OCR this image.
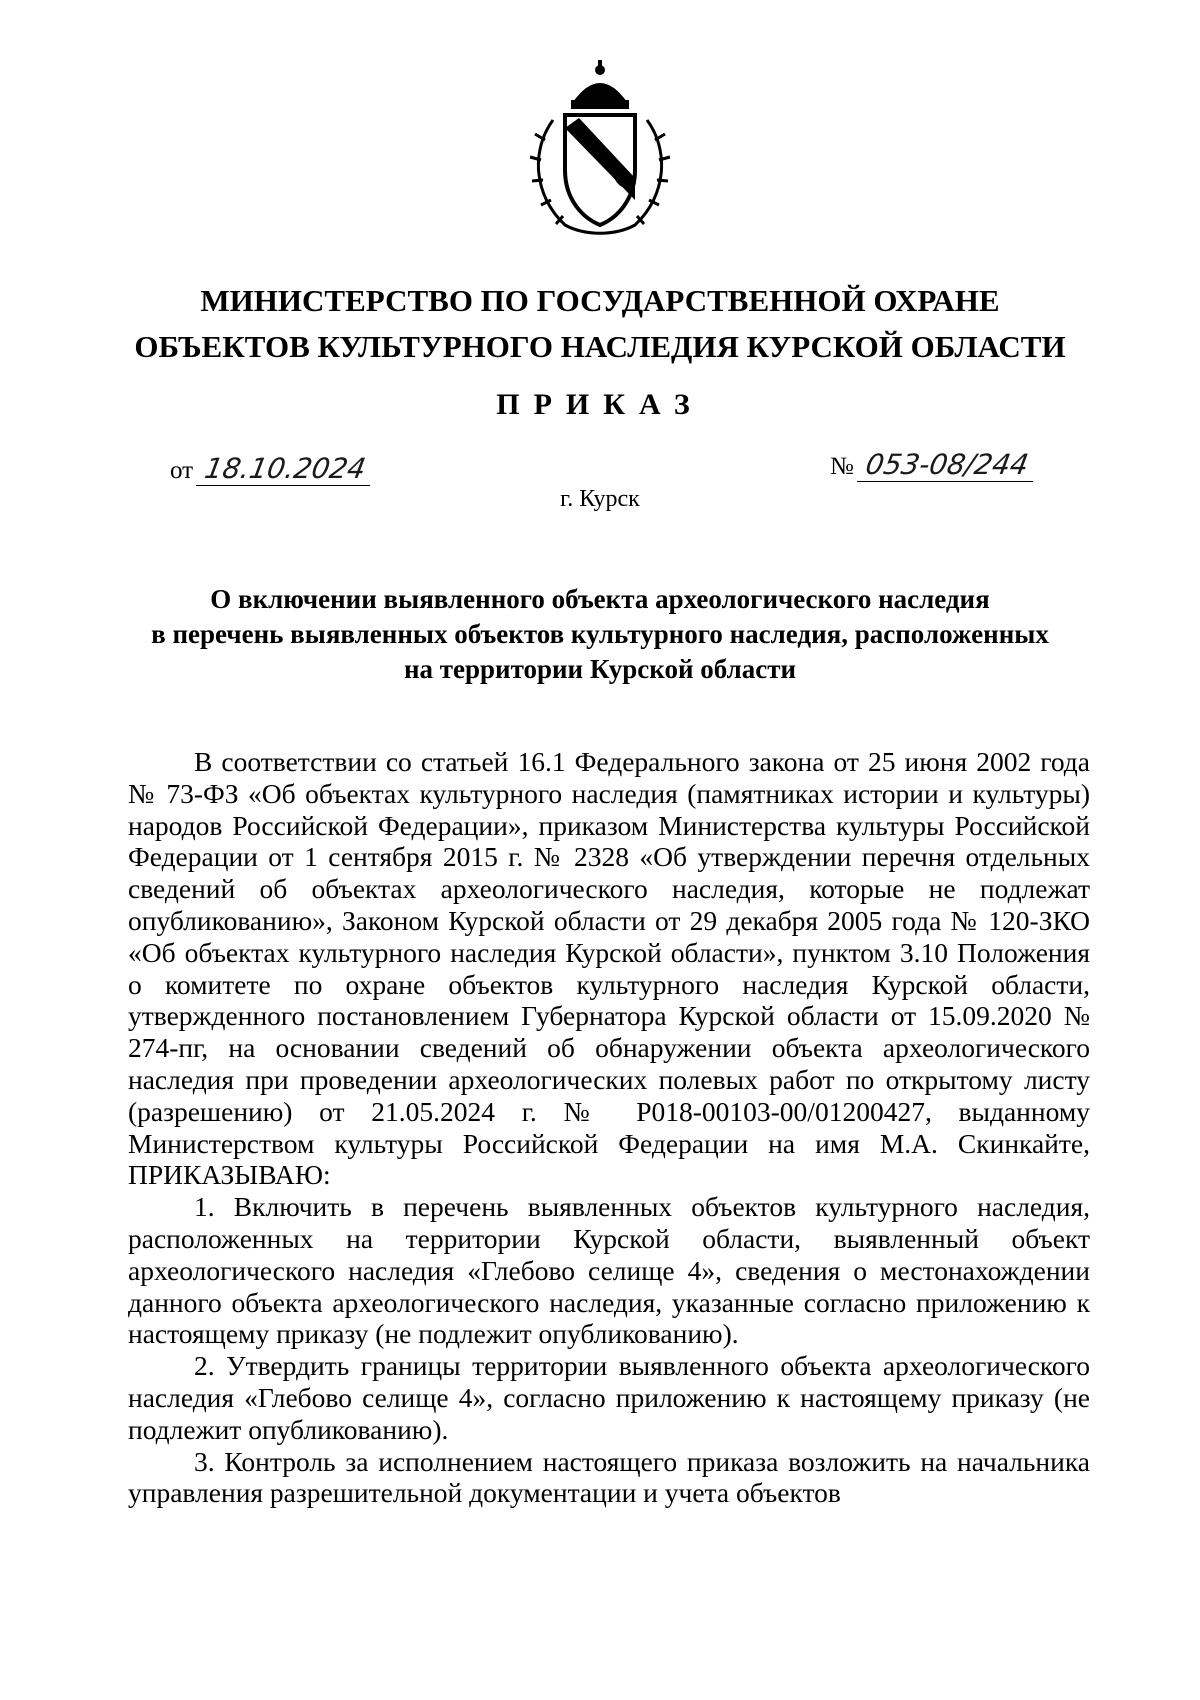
МИНИСТЕРСТВО ПО ГОСУДАРСТВЕННОЙ ОХРАНЕ
ОБЪЕКТОВ КУЛЬТУРНОГО НАСЛЕДИЯ КУРСКОЙ ОБЛАСТИ
ПРИКАЗ
от 18.10.2024	№ 053-08/244
г. Курск
О включении выявленного объекта археологического наследия
в перечень выявленных объектов культурного наследия, расположенных
на территории Курской области

В соответствии со статьей 16.1 Федерального закона от 25 июня 2002 года № 73-ФЗ «Об объектах культурного наследия (памятниках истории и культуры) народов Российской Федерации», приказом Министерства культуры Российской Федерации от 1 сентября 2015 г. № 2328 «Об утверждении перечня отдельных сведений об объектах археологического наследия, которые не подлежат опубликованию», Законом Курской области от 29 декабря 2005 года № 120-ЗКО «Об объектах культурного наследия Курской области», пунктом 3.10 Положения о комитете по охране объектов культурного наследия Курской области, утвержденного постановлением Губернатора Курской области от 15.09.2020 № 274-пг, на основании сведений об обнаружении объекта археологического наследия при проведении археологических полевых работ по открытому листу (разрешению) от 21.05.2024 г. № Р018-00103-00/01200427, выданному Министерством культуры Российской Федерации на имя М.А. Скинкайте, ПРИКАЗЫВАЮ:

1. Включить в перечень выявленных объектов культурного наследия, расположенных на территории Курской области, выявленный объект археологического наследия «Глебово селище 4», сведения о местонахождении данного объекта археологического наследия, указанные согласно приложению к настоящему приказу (не подлежит опубликованию).

2. Утвердить границы территории выявленного объекта археологического наследия «Глебово селище 4», согласно приложению к настоящему приказу (не подлежит опубликованию).

3. Контроль за исполнением настоящего приказа возложить на начальника управления разрешительной документации и учета объектов
